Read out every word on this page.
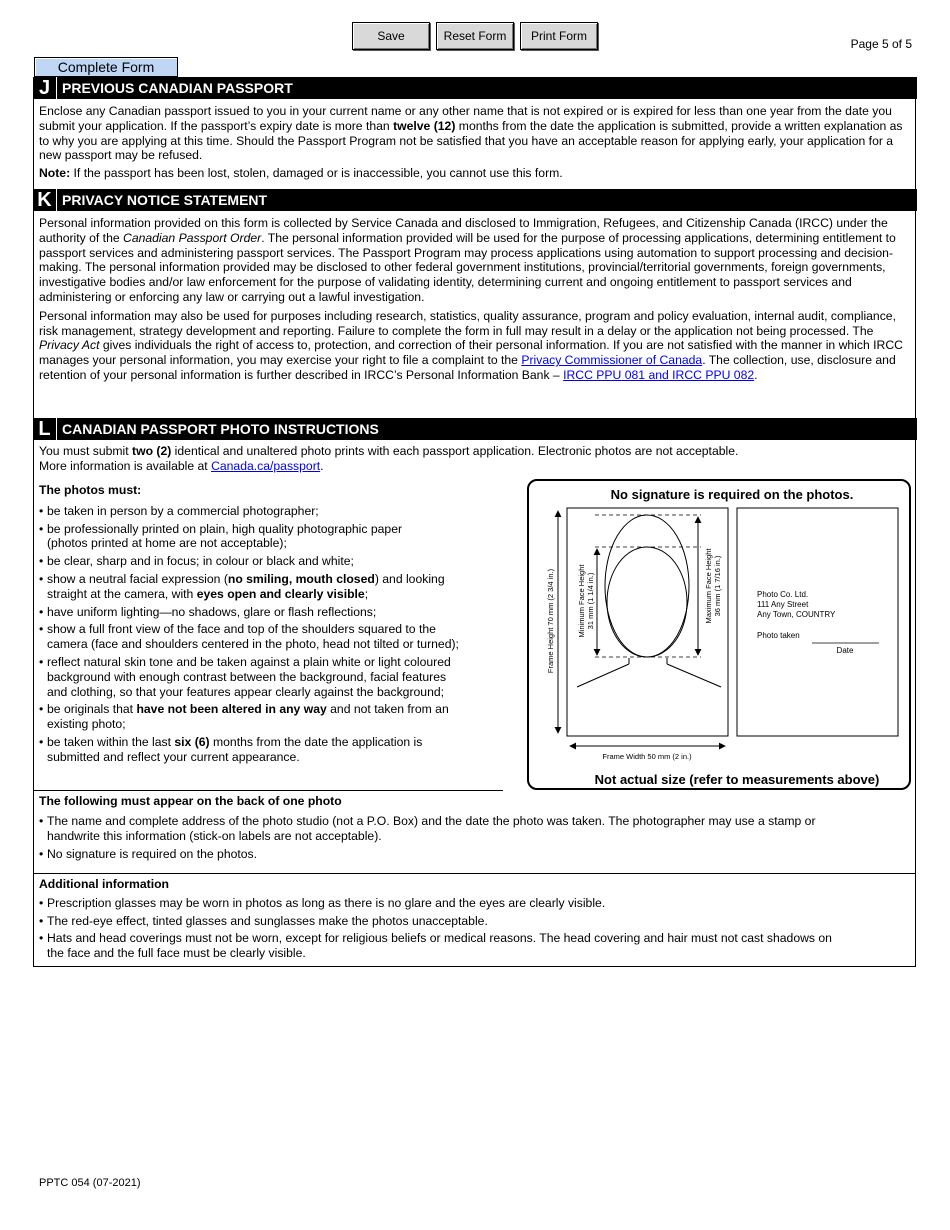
Save	Reset Form	Print Form
Page 5 of 5
Complete Form
J PREVIOUS CANADIAN PASSPORT

Enclose any Canadian passport issued to you in your current name or any other name that is not expired or is expired for less than one year from the date you submit your application. If the passport’s expiry date is more than twelve (12) months from the date the application is submitted, provide a written explanation as to why you are applying at this time. Should the Passport Program not be satisfied that you have an acceptable reason for applying early, your application for a new passport may be refused.

Note: If the passport has been lost, stolen, damaged or is inaccessible, you cannot use this form.

K PRIVACY NOTICE STATEMENT

Personal information provided on this form is collected by Service Canada and disclosed to Immigration, Refugees, and Citizenship Canada (IRCC) under the authority of the Canadian Passport Order. The personal information provided will be used for the purpose of processing applications, determining entitlement to passport services and administering passport services. The Passport Program may process applications using automation to support processing and decision-making. The personal information provided may be disclosed to other federal government institutions, provincial/territorial governments, foreign governments, investigative bodies and/or law enforcement for the purpose of validating identity, determining current and ongoing entitlement to passport services and administering or enforcing any law or carrying out a lawful investigation.

Personal information may also be used for purposes including research, statistics, quality assurance, program and policy evaluation, internal audit, compliance, risk management, strategy development and reporting. Failure to complete the form in full may result in a delay or the application not being processed. The Privacy Act gives individuals the right of access to, protection, and correction of their personal information. If you are not satisfied with the manner in which IRCC manages your personal information, you may exercise your right to file a complaint to the Privacy Commissioner of Canada. The collection, use, disclosure and retention of your personal information is further described in IRCC’s Personal Information Bank – IRCC PPU 081 and IRCC PPU 082.

L CANADIAN PASSPORT PHOTO INSTRUCTIONS

You must submit two (2) identical and unaltered photo prints with each passport application. Electronic photos are not acceptable.

More information is available at Canada.ca/passport.

The photos must:
• be taken in person by a commercial photographer;
• be professionally printed on plain, high quality photographic paper
(photos printed at home are not acceptable);
• be clear, sharp and in focus; in colour or black and white;
• show a neutral facial expression (no smiling, mouth closed) and looking
straight at the camera, with eyes open and clearly visible;
• have uniform lighting—no shadows, glare or flash reflections;
• show a full front view of the face and top of the shoulders squared to the
camera (face and shoulders centered in the photo, head not tilted or turned);
• reflect natural skin tone and be taken against a plain white or light coloured
background with enough contrast between the background, facial features
and clothing, so that your features appear clearly against the background;
• be originals that have not been altered in any way and not taken from an
existing photo;
• be taken within the last six (6) months from the date the application is
submitted and reflect your current appearance.
No signature is required on the photos.
Frame Height 70 mm (2 3/4 in.)
Frame Width 50 mm (2 in.)
Minimum Face Height 31 mm (1 1/4 in.)	Maximum Face Height 36 mm (1 7/16 in.)	Photo Co. Ltd.
111 Any Street
Any Town, COUNTRY
Photo taken
Date
Not actual size (refer to measurements above)
The following must appear on the back of one photo
• The name and complete address of the photo studio (not a P.O. Box) and the date the photo was taken. The photographer may use a stamp or
handwrite this information (stick-on labels are not acceptable).
• No signature is required on the photos.
Additional information
• Prescription glasses may be worn in photos as long as there is no glare and the eyes are clearly visible.
• The red-eye effect, tinted glasses and sunglasses make the photos unacceptable.
• Hats and head coverings must not be worn, except for religious beliefs or medical reasons. The head covering and hair must not cast shadows on
the face and the full face must be clearly visible.
PPTC 054 (07-2021)
